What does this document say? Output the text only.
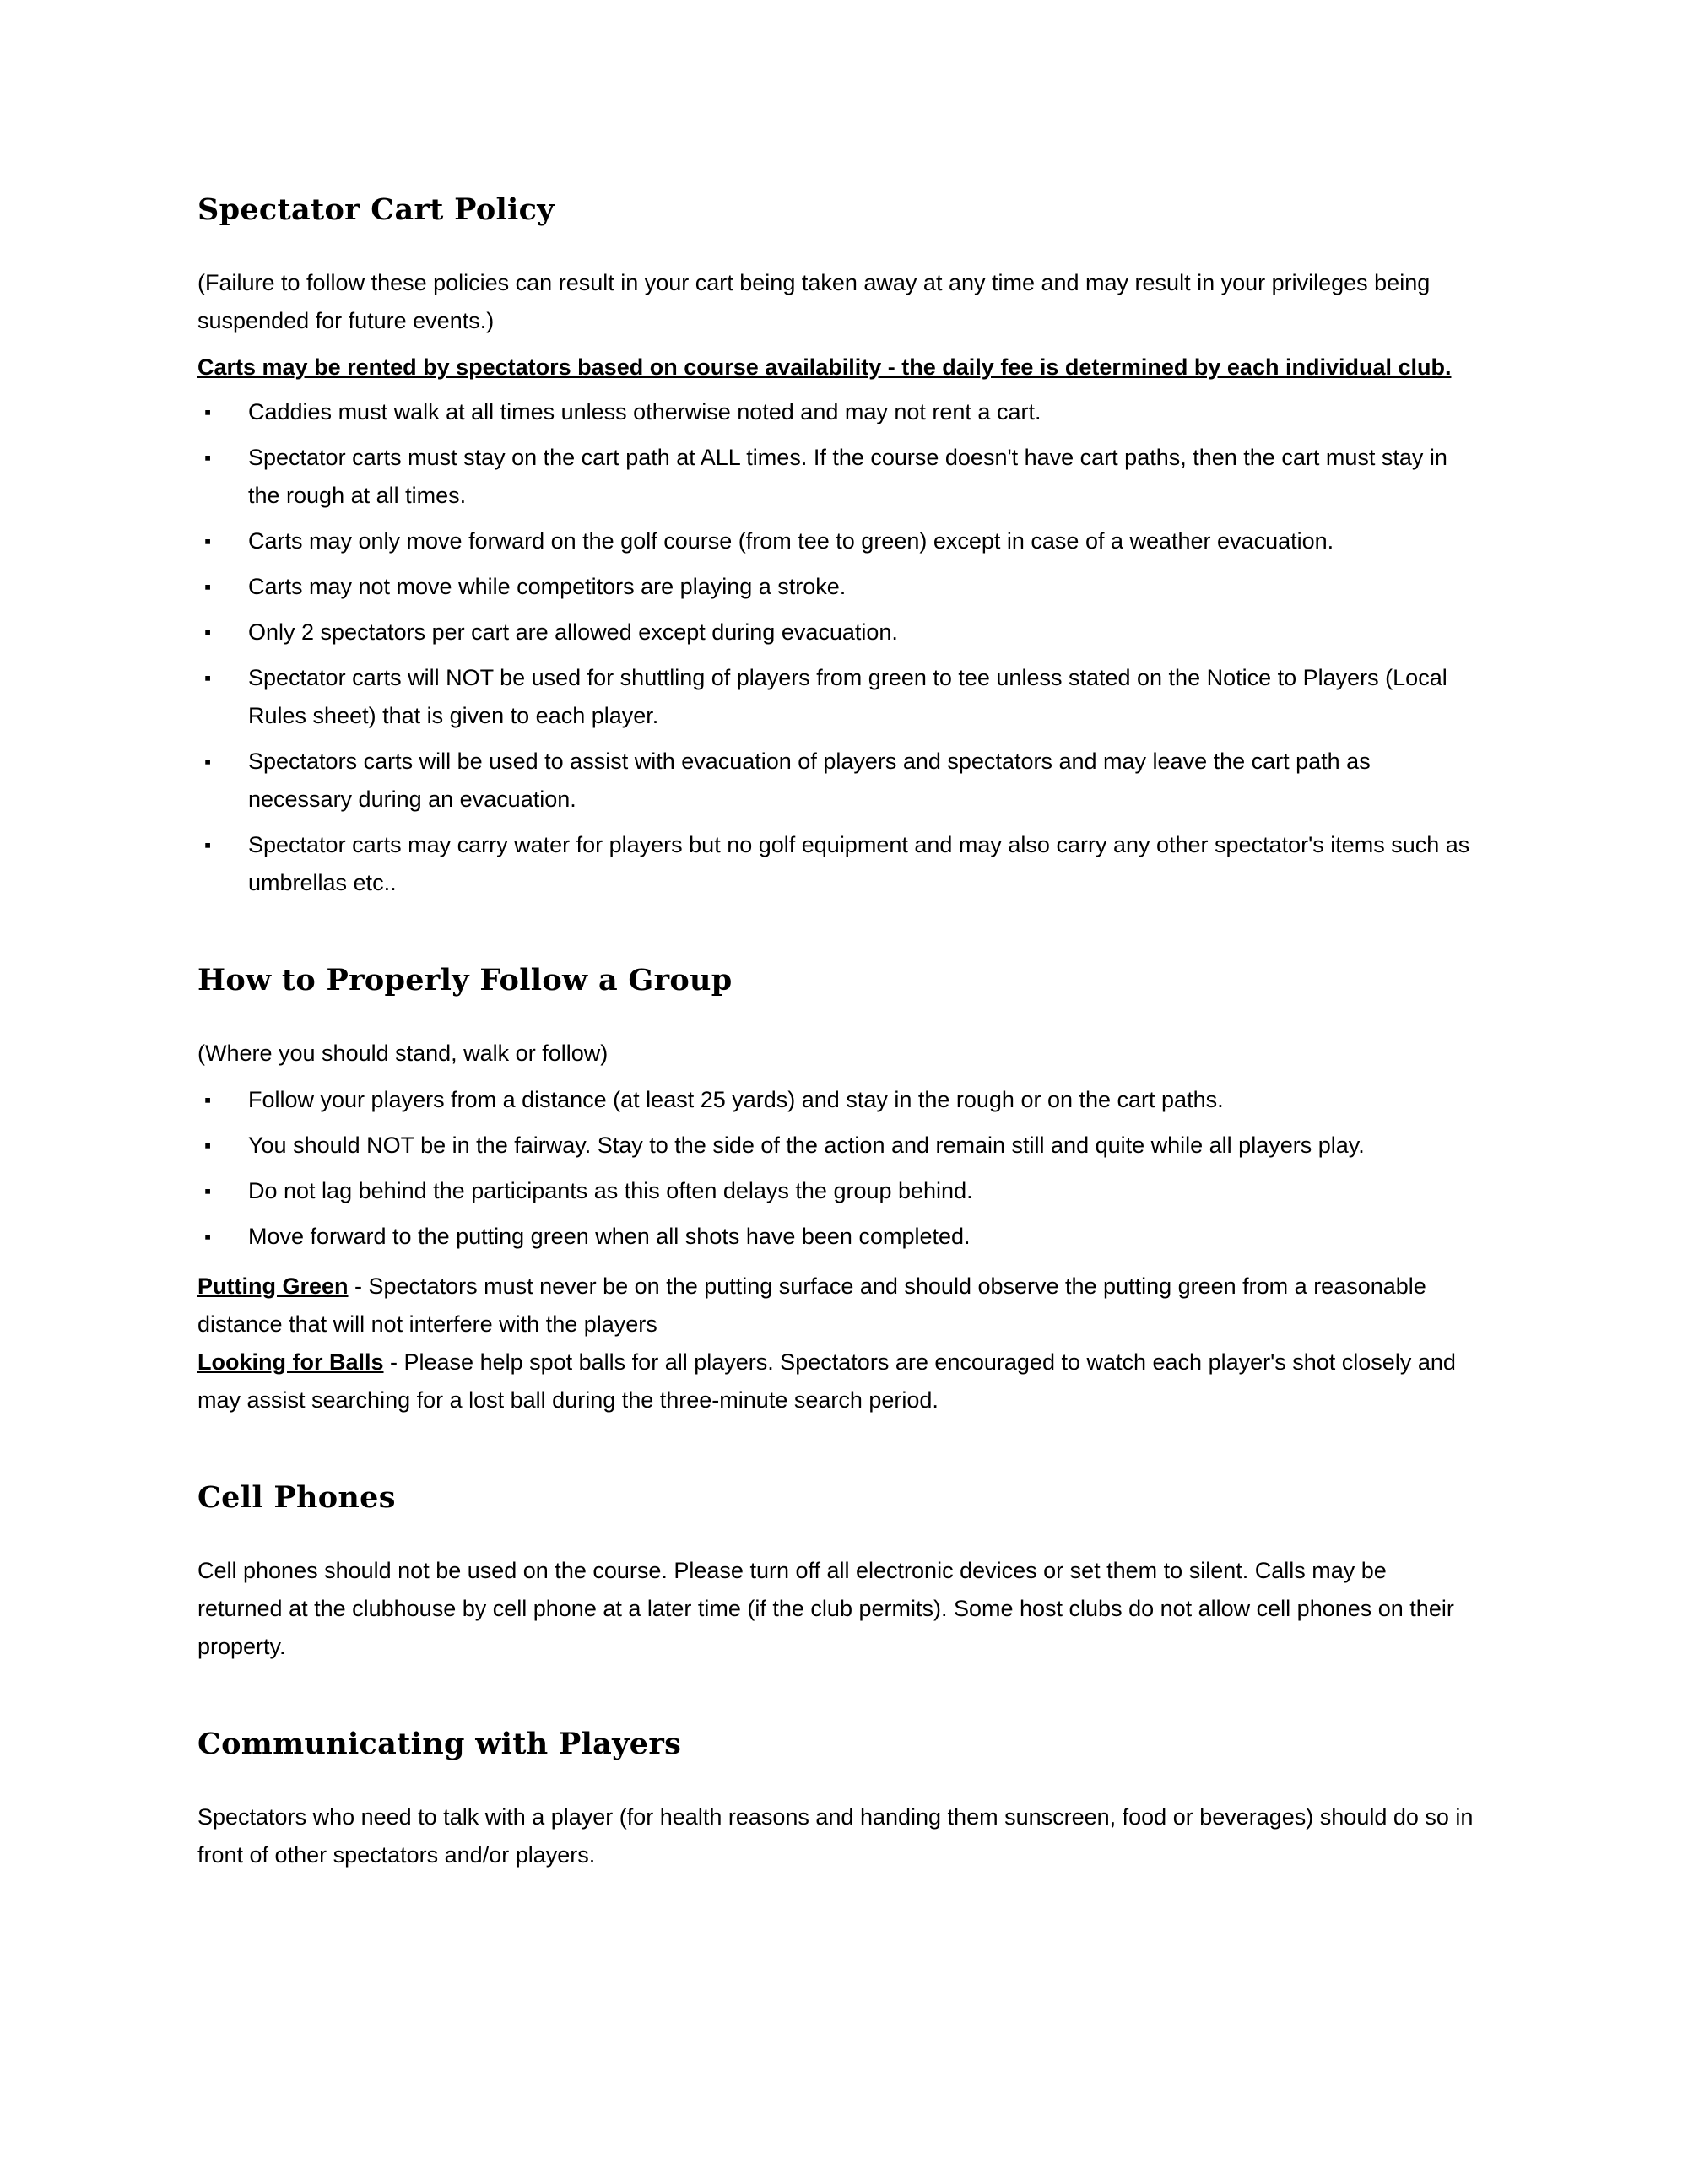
Spectator Cart Policy

(Failure to follow these policies can result in your cart being taken away at any time and may result in your privileges being suspended for future events.)

Carts may be rented by spectators based on course availability - the daily fee is determined by each individual club.

▪ Caddies must walk at all times unless otherwise noted and may not rent a cart.
▪ Spectator carts must stay on the cart path at ALL times. If the course doesn't have cart paths, then the cart must stay in the rough at all times.
▪ Carts may only move forward on the golf course (from tee to green) except in case of a weather evacuation.
▪ Carts may not move while competitors are playing a stroke.
▪ Only 2 spectators per cart are allowed except during evacuation.
▪ Spectator carts will NOT be used for shuttling of players from green to tee unless stated on the Notice to Players (Local Rules sheet) that is given to each player.
▪ Spectators carts will be used to assist with evacuation of players and spectators and may leave the cart path as necessary during an evacuation.
▪ Spectator carts may carry water for players but no golf equipment and may also carry any other spectator's items such as umbrellas etc..
How to Properly Follow a Group

(Where you should stand, walk or follow)

▪ Follow your players from a distance (at least 25 yards) and stay in the rough or on the cart paths.
▪ You should NOT be in the fairway. Stay to the side of the action and remain still and quite while all players play.
▪ Do not lag behind the participants as this often delays the group behind.
▪ Move forward to the putting green when all shots have been completed.

Putting Green - Spectators must never be on the putting surface and should observe the putting green from a reasonable distance that will not interfere with the players

Looking for Balls - Please help spot balls for all players. Spectators are encouraged to watch each player's shot closely and may assist searching for a lost ball during the three-minute search period.

Cell Phones

Cell phones should not be used on the course. Please turn off all electronic devices or set them to silent. Calls may be returned at the clubhouse by cell phone at a later time (if the club permits). Some host clubs do not allow cell phones on their property.

Communicating with Players

Spectators who need to talk with a player (for health reasons and handing them sunscreen, food or beverages) should do so in front of other spectators and/or players.
